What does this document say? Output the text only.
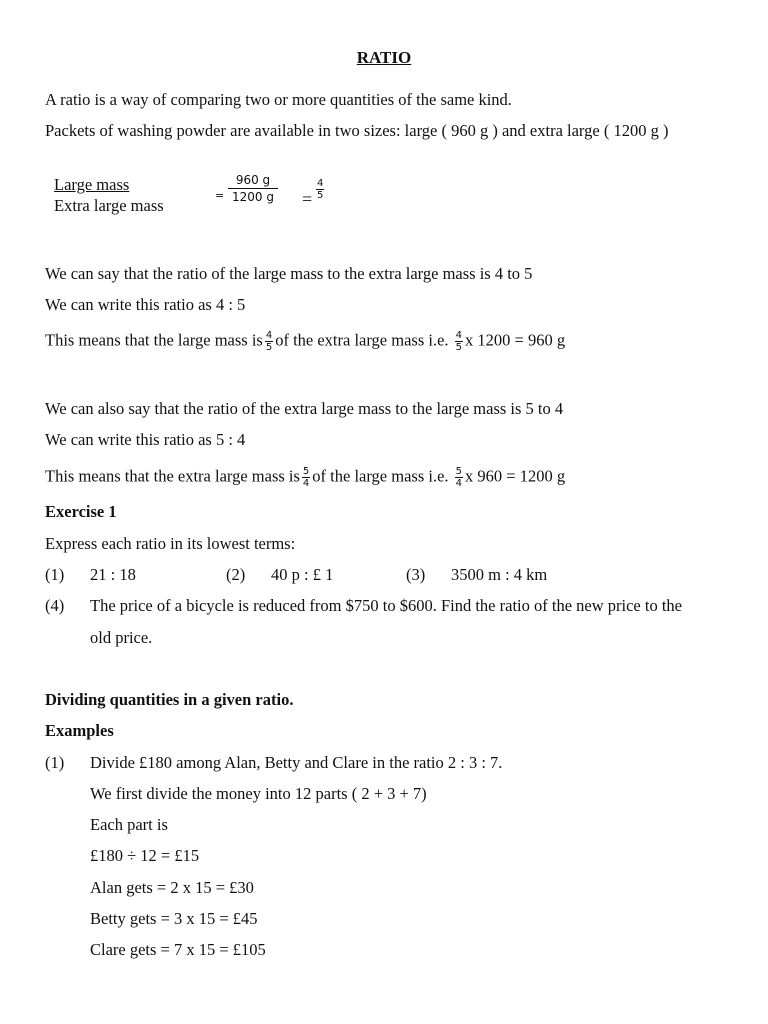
RATIO
A ratio is a way of comparing two or more quantities of the same kind.
Packets of washing powder are available in two sizes: large ( 960 g ) and extra large ( 1200 g )
Large mass
Extra large mass
= $\frac{960 g}{1200 g} = \frac{4}{5}$
We can say that the ratio of the large mass to the extra large mass is 4 to 5
We can write this ratio as 4 : 5
This means that the large mass is $\frac{4}{5}$ of the extra large mass i.e. $\frac{4}{5}$ x 1200 = 960 g
We can also say that the ratio of the extra large mass to the large mass is 5 to 4
We can write this ratio as 5 : 4
This means that the extra large mass is $\frac{5}{4}$ of the large mass i.e. $\frac{5}{4}$ x 960 = 1200 g
Exercise 1
Express each ratio in its lowest terms:
(1) 21 : 18	(2) 40 p : £ 1	(3) 3500 m : 4 km
(4) The price of a bicycle is reduced from $750 to $600. Find the ratio of the new price to the
old price.
Dividing quantities in a given ratio.
Examples
(1) Divide £180 among Alan, Betty and Clare in the ratio 2 : 3 : 7.
We first divide the money into 12 parts ( 2 + 3 + 7)
Each part is
£180 ÷ 12 = £15
Alan gets = 2 x 15 = £30
Betty gets = 3 x 15 = £45
Clare gets = 7 x 15 = £105
